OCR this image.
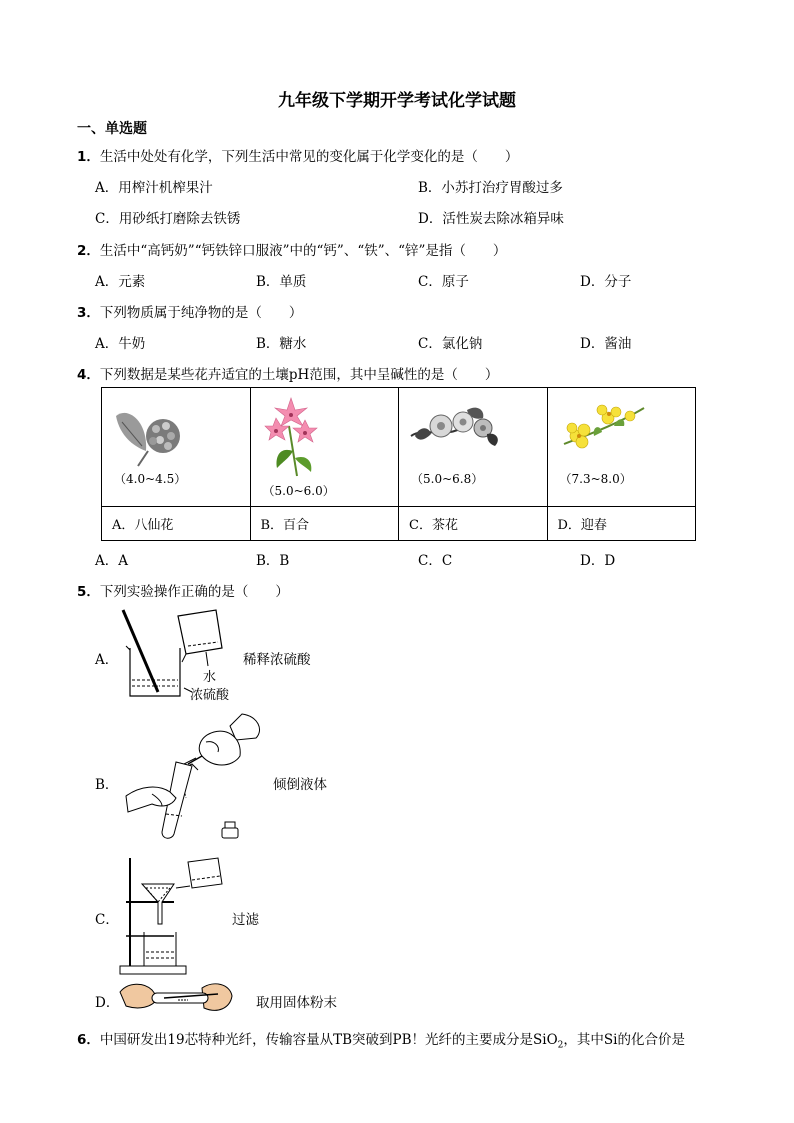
九年级下学期开学考试化学试题
一、单选题
1．生活中处处有化学，下列生活中常见的变化属于化学变化的是（　　）
A．用榨汁机榨果汁	B．小苏打治疗胃酸过多
C．用砂纸打磨除去铁锈	D．活性炭去除冰箱异味
2．生活中“高钙奶”“钙铁锌口服液”中的“钙”、“铁”、“锌”是指（　　）
A．元素	B．单质	C．原子	D．分子
3．下列物质属于纯净物的是（　　）
A．牛奶	B．糖水	C．氯化钠	D．酱油
4．下列数据是某些花卉适宜的土壤pH范围，其中呈碱性的是（　　）
（4.0~4.5）	（5.0~6.0）	（5.0~6.8）	（7.3~8.0）

A．八仙花	B．百合	C．茶花	D．迎春
A．A	B．B	C．C	D．D
5．下列实验操作正确的是（　　）
A．
水
浓硫酸
稀释浓硫酸
B．	倾倒液体
C．	过滤
D．	取用固体粉末
6．中国研发出19芯特种光纤，传输容量从TB突破到PB！光纤的主要成分是SiO$_2$，其中Si的化合价是
